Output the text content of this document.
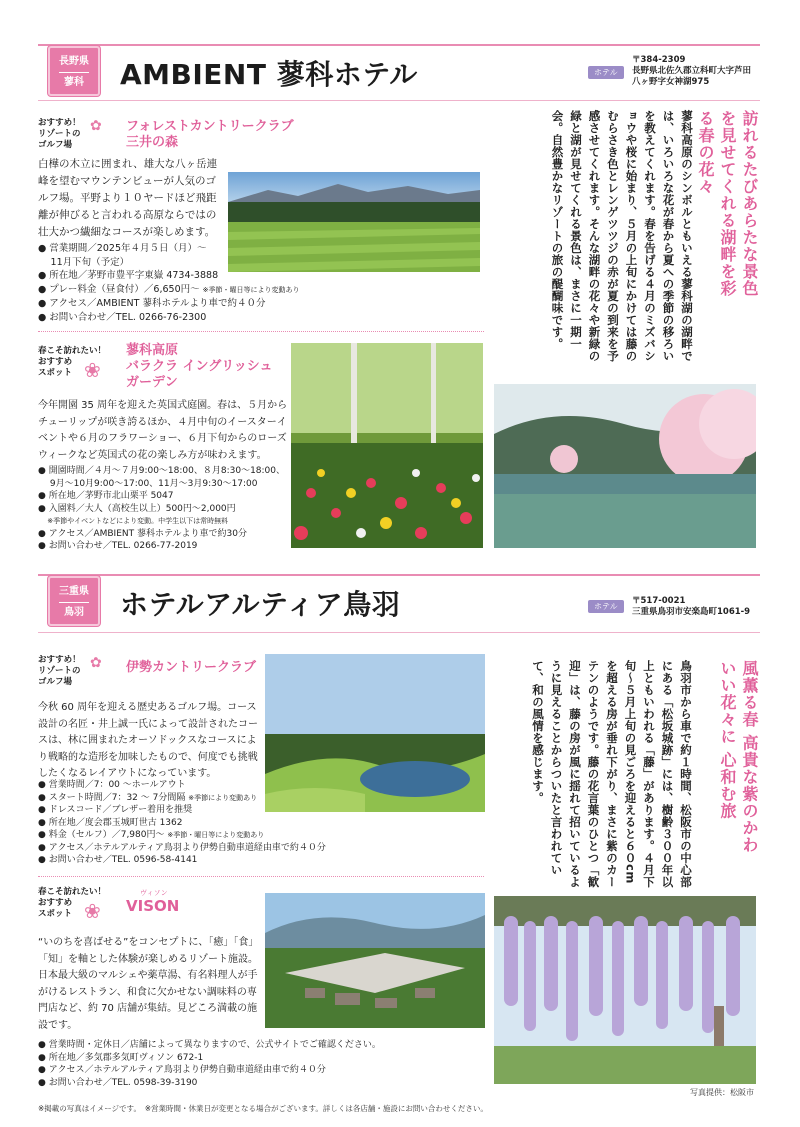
長野県
蓼科	AMBIENT 蓼科ホテル	ホテル
〒384-2309
長野県北佐久郡立科町大字芦田
八ヶ野字女神湖975
おすすめ！
リゾートの
ゴルフ場
✿ フォレストカントリークラブ
三井の森
白樺の木立に囲まれ、雄大な八ヶ岳連峰を望むマウンテンビューが人気のゴルフ場。平野より１０ヤードほど飛距離が伸びると言われる高原ならではの壮大かつ繊細なコースが楽しめます。
● 営業期間／2025年４月５日（月）～
　 11月下旬（予定）
● 所在地／茅野市豊平字東嶽 4734-3888
● プレー料金（昼食付）／6,650円～ ※季節・曜日等により変動あり
● アクセス／AMBIENT 蓼科ホテルより車で約４０分
● お問い合わせ／TEL. 0266-76-2300
春こそ訪れたい！
おすすめ
スポット ❀
蓼科高原
バラクラ イングリッシュ
ガーデン
今年開園 35 周年を迎えた英国式庭園。春は、５月からチューリップが咲き誇るほか、４月中旬のイースターイベントや６月のフラワーショー、６月下旬からのローズウィークなど英国式の花の楽しみ方が味わえます。
● 開園時間／４月～７月9:00～18:00、８月8:30～18:00、
　 9月～10月9:00～17:00、11月～3月9:30～17:00
● 所在地／茅野市北山栗平 5047
● 入園料／大人（高校生以上）500円～2,000円
　 ※季節やイベントなどにより変動。中学生以下は常時無料
● アクセス／AMBIENT 蓼科ホテルより車で約30分
● お問い合わせ／TEL. 0266-77-2019
訪れるたびあらたな景色を見せてくれる湖畔を彩る春の花々
蓼科高原のシンボルともいえる蓼科湖の湖畔では、いろいろな花が春から夏への季節の移ろいを教えてくれます。春を告げる４月のミズバショウや桜に始まり、５月の上旬にかけては藤のむらさき色とレンゲツツジの赤が夏の到来を予感させてくれます。そんな湖畔の花々や新緑の緑と湖が見せてくれる景色は、まさに一期一会。自然豊かなリゾートの旅の醍醐味です。
三重県
鳥羽	ホテルアルティア鳥羽	ホテル
〒517-0021
三重県鳥羽市安楽島町1061-9
おすすめ！
リゾートの
ゴルフ場
✿ 伊勢カントリークラブ
今秋 60 周年を迎える歴史あるゴルフ場。コース設計の名匠・井上誠一氏によって設計されたコースは、林に囲まれたオーソドックスなコースにより戦略的な造形を加味したもので、何度でも挑戦したくなるレイアウトになっています。
● 営業時間／7：00 ～ホールアウト
● スタート時間／7：32 ～ 7分間隔 ※季節により変動あり
● ドレスコード／ブレザー着用を推奨
● 所在地／度会郡玉城町世古 1362
● 料金（セルフ）／7,980円～ ※季節・曜日等により変動あり
● アクセス／ホテルアルティア鳥羽より伊勢自動車道経由車で約４０分
● お問い合わせ／TEL. 0596-58-4141
春こそ訪れたい！
おすすめ
スポット ❀
ヴィソン
VISON
“いのちを喜ばせる”をコンセプトに、「癒」「食」「知」を軸とした体験が楽しめるリゾート施設。日本最大級のマルシェや薬草湯、有名料理人が手がけるレストラン、和食に欠かせない調味料の専門店など、約 70 店舗が集結。見どころ満載の施設です。
● 営業時間・定休日／店舗によって異なりますので、公式サイトでご確認ください。
● 所在地／多気郡多気町ヴィソン 672-1
● アクセス／ホテルアルティア鳥羽より伊勢自動車道経由車で約４０分
● お問い合わせ／TEL. 0598-39-3190
風薫る春 高貴な紫のかわいい花々に 心和む旅
鳥羽市から車で約１時間、松阪市の中心部にある「松坂城跡」には、樹齢３００年以上ともいわれる「藤」があります。４月下旬～５月上旬の見ごろを迎えると６０cmを超える房が垂れ下がり、まさに紫のカーテンのようです。藤の花言葉のひとつ「歓迎」は、藤の房が風に揺れて招いているように見えることからついたと言われていて、和の風情を感じます。
写真提供：松阪市
※掲載の写真はイメージです。　※営業時間・休業日が変更となる場合がございます。詳しくは各店舗・施設にお問い合わせください。
